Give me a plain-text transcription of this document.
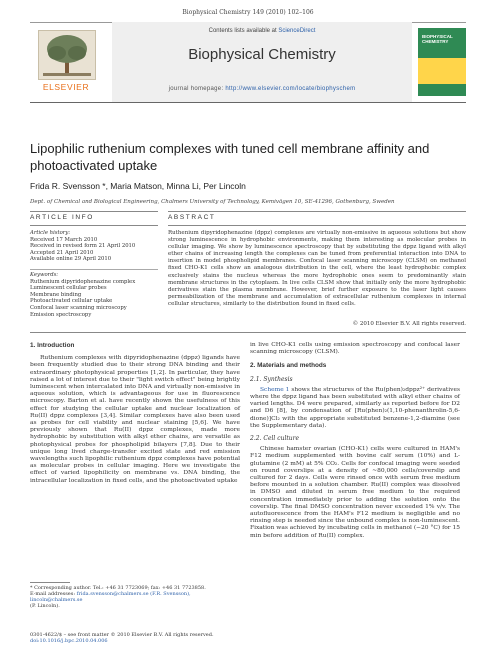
Biophysical Chemistry 149 (2010) 102–106
ELSEVIER
Contents lists available at ScienceDirect
Biophysical Chemistry
journal homepage: http://www.elsevier.com/locate/biophyschem
BIOPHYSICAL CHEMISTRY
Lipophilic ruthenium complexes with tuned cell membrane affinity and photoactivated uptake
Frida R. Svensson *, Maria Matson, Minna Li, Per Lincoln
Dept. of Chemical and Biological Engineering, Chalmers University of Technology, Kemivägen 10, SE-41296, Gothenburg, Sweden
ARTICLE INFO
Article history:
Received 17 March 2010
Received in revised form 21 April 2010
Accepted 21 April 2010
Available online 29 April 2010
Keywords:
Ruthenium dipyridophenazine complex
Luminescent cellular probes
Membrane binding
Photoactivated cellular uptake
Confocal laser scanning microscopy
Emission spectroscopy
ABSTRACT
Ruthenium dipyridophenazine (dppz) complexes are virtually non-emissive in aqueous solutions but show strong luminescence in hydrophobic environments, making them interesting as molecular probes in cellular imaging. We show by luminescence spectroscopy that by substituting the dppz ligand with alkyl ether chains of increasing length the complexes can be tuned from preferential interaction into DNA to insertion in model phospholipid membranes. Confocal laser scanning microscopy (CLSM) on methanol fixed CHO-K1 cells show an analogous distribution in the cell, where the least hydrophobic complex exclusively stains the nucleus whereas the more hydrophobic ones seem to predominantly stain membrane structures in the cytoplasm. In live cells CLSM show that initially only the more hydrophobic derivatives stain the plasma membrane. However, brief further exposure to the laser light causes permeabilization of the membrane and accumulation of extracellular ruthenium complexes in internal cellular structures, similarly to the distribution found in fixed cells.
© 2010 Elsevier B.V. All rights reserved.
1. Introduction

Ruthenium complexes with dipyridophenazine (dppz) ligands have been frequently studied due to their strong DNA binding and their extraordinary photophysical properties [1,2]. In particular, they have raised a lot of interest due to their "light switch effect" being brightly luminescent when intercalated into DNA and virtually non-emissive in aqueous solution, which is advantageous for use in fluorescence microscopy. Barton et al. have recently shown the usefulness of this effect for studying the cellular uptake and nuclear localization of Ru(II) dppz complexes [3,4]. Similar complexes have also been used as probes for cell viability and nuclear staining [5,6]. We have previously shown that Ru(II) dppz complexes, made more hydrophobic by substitution with alkyl ether chains, are versatile as photophysical probes for phospholipid bilayers [7,8]. Due to their unique long lived charge-transfer excited state and red emission wavelengths such lipophilic ruthenium dppz complexes have potential as molecular probes in cellular imaging. Here we investigate the effect of varied lipophilicity on membrane vs. DNA binding, the intracellular localization in fixed cells, and the photoactivated uptake

in live CHO-K1 cells using emission spectroscopy and confocal laser scanning microscopy (CLSM).

2. Materials and methods
2.1. Synthesis

Scheme 1 shows the structures of the Ru(phen)₂dppz²⁺ derivatives where the dppz ligand has been substituted with alkyl ether chains of varied lengths. D4 were prepared, similarly as reported before for D2 and D6 [8], by condensation of [Ru(phen)₂(1,10-phenanthrolin-5,6-dione)]Cl₂ with the appropriate substituted benzene-1,2-diamine (see the Supplementary data).

2.2. Cell culture

Chinese hamster ovarian (CHO-K1) cells were cultured in HAM's F12 medium supplemented with bovine calf serum (10%) and L-glutamine (2 mM) at 5% CO₂. Cells for confocal imaging were seeded on round coverslips at a density of ~80,000 cells/coverslip and cultured for 2 days. Cells were rinsed once with serum free medium before mounted in a solution chamber. Ru(II) complex was dissolved in DMSO and diluted in serum free medium to the required concentration immediately prior to adding the solution onto the coverslip. The final DMSO concentration never exceeded 1% v/v. The autofluorescence from the HAM's F12 medium is negligible and no rinsing step is needed since the unbound complex is non-luminescent. Fixation was achieved by incubating cells in methanol (−20 °C) for 15 min before addition of Ru(II) complex.

* Corresponding author. Tel.: +46 31 7723069; fax: +46 31 7723858.
E-mail addresses: frida.svensson@chalmers.se (F.R. Svensson), lincoln@chalmers.se
(P. Lincoln).
0301-4622/$ – see front matter © 2010 Elsevier B.V. All rights reserved.
doi:10.1016/j.bpc.2010.04.006
